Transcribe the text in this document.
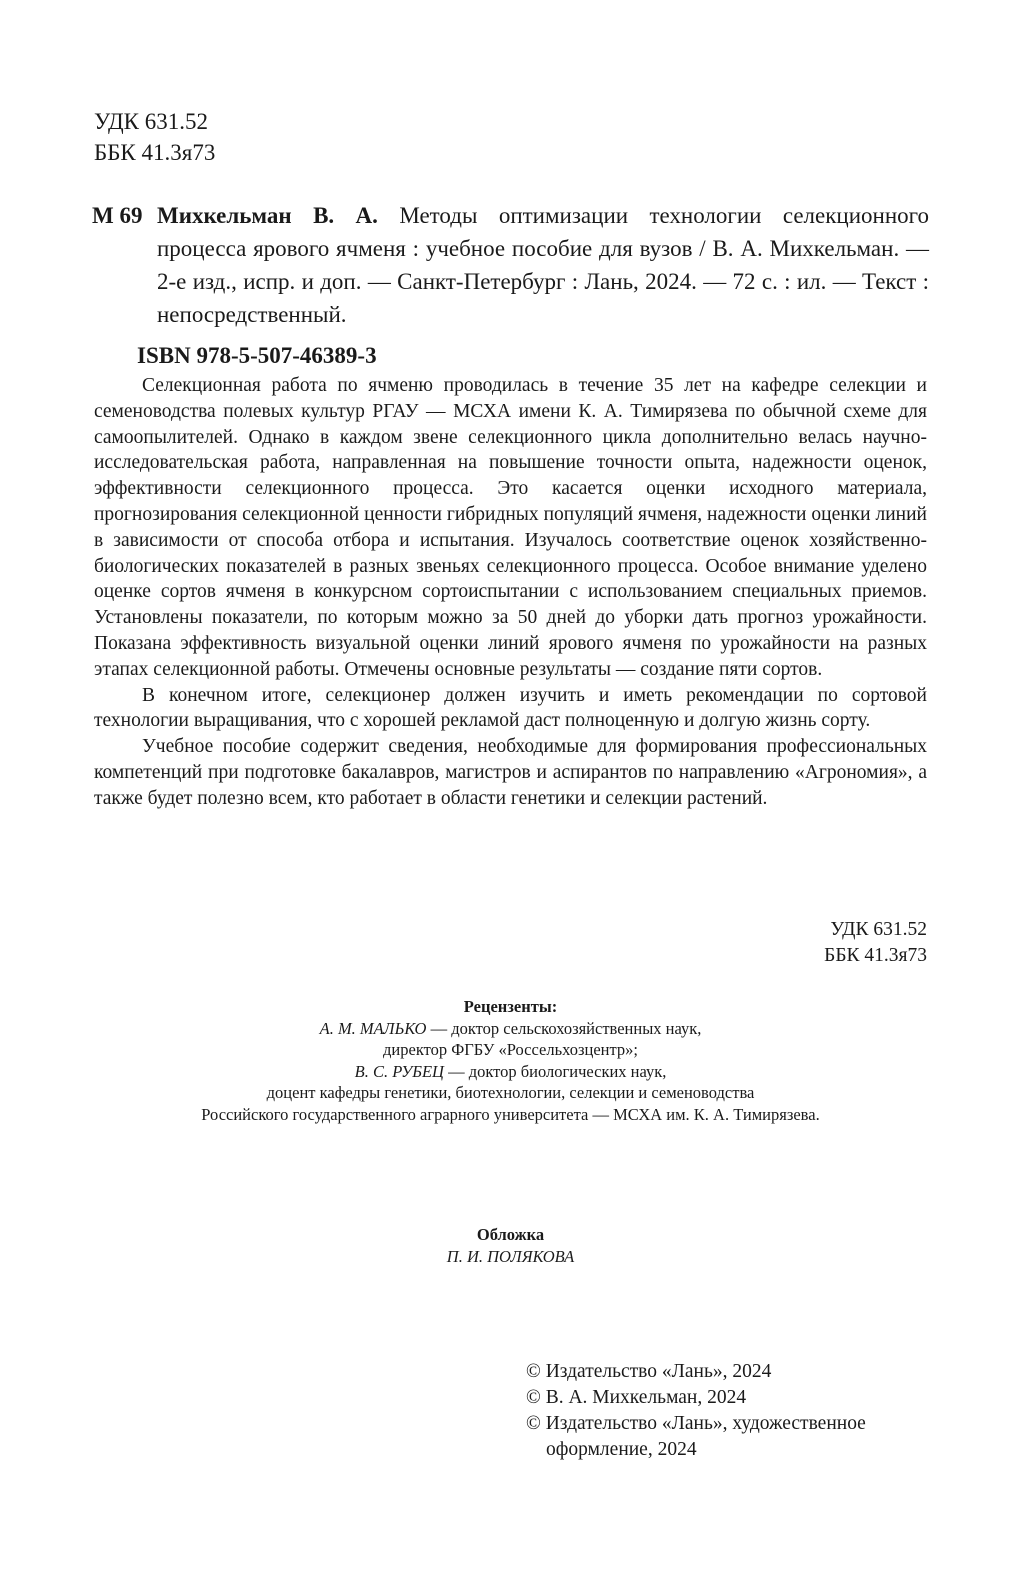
УДК 631.52
ББК 41.3я73
М 69 Михкельман В. А. Методы оптимизации технологии селекционного процесса ярового ячменя : учебное пособие для вузов / В. А. Михкельман. — 2-е изд., испр. и доп. — Санкт-Петербург : Лань, 2024. — 72 с. : ил. — Текст : непосредственный.
ISBN 978-5-507-46389-3

Селекционная работа по ячменю проводилась в течение 35 лет на кафедре селекции и семеноводства полевых культур РГАУ — МСХА имени К. А. Тимирязева по обычной схеме для самоопылителей. Однако в каждом звене селекционного цикла дополнительно велась научно-исследовательская работа, направленная на повышение точности опыта, надежности оценок, эффективности селекционного процесса. Это касается оценки исходного материала, прогнозирования селекционной ценности гибридных популяций ячменя, надежности оценки линий в зависимости от способа отбора и испытания. Изучалось соответствие оценок хозяйственно-биологических показателей в разных звеньях селекционного процесса. Особое внимание уделено оценке сортов ячменя в конкурсном сортоиспытании с использованием специальных приемов. Установлены показатели, по которым можно за 50 дней до уборки дать прогноз урожайности. Показана эффективность визуальной оценки линий ярового ячменя по урожайности на разных этапах селекционной работы. Отмечены основные результаты — создание пяти сортов.

В конечном итоге, селекционер должен изучить и иметь рекомендации по сортовой технологии выращивания, что с хорошей рекламой даст полноценную и долгую жизнь сорту.

Учебное пособие содержит сведения, необходимые для формирования профессиональных компетенций при подготовке бакалавров, магистров и аспирантов по направлению «Агрономия», а также будет полезно всем, кто работает в области генетики и селекции растений.

УДК 631.52
ББК 41.3я73
Рецензенты:
А. М. МАЛЬКО — доктор сельскохозяйственных наук,
директор ФГБУ «Россельхозцентр»;
В. С. РУБЕЦ — доктор биологических наук,
доцент кафедры генетики, биотехнологии, селекции и семеноводства
Российского государственного аграрного университета — МСХА им. К. А. Тимирязева.
Обложка
П. И. ПОЛЯКОВА
© Издательство «Лань», 2024
© В. А. Михкельман, 2024
© Издательство «Лань», художественное оформление, 2024
